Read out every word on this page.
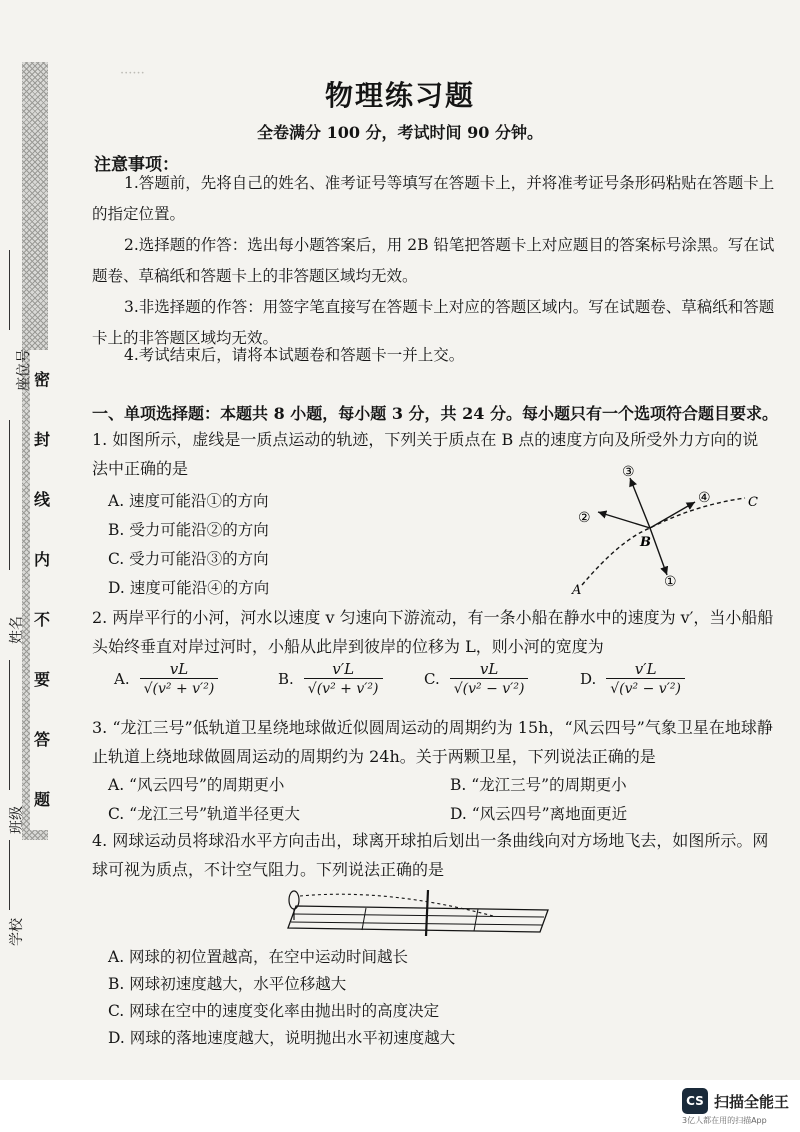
······
密
封
线
内
不
要
答
题
座位号
姓名
班级
学校
物理练习题
全卷满分 100 分，考试时间 90 分钟。
注意事项：
1.答题前，先将自己的姓名、准考证号等填写在答题卡上，并将准考证号条形码粘贴在答题卡上的指定位置。
2.选择题的作答：选出每小题答案后，用 2B 铅笔把答题卡上对应题目的答案标号涂黑。写在试题卷、草稿纸和答题卡上的非答题区域均无效。
3.非选择题的作答：用签字笔直接写在答题卡上对应的答题区域内。写在试题卷、草稿纸和答题卡上的非答题区域均无效。
4.考试结束后，请将本试题卷和答题卡一并上交。
一、单项选择题：本题共 8 小题，每小题 3 分，共 24 分。每小题只有一个选项符合题目要求。
1. 如图所示，虚线是一质点运动的轨迹，下列关于质点在 B 点的速度方向及所受外力方向的说法中正确的是
A. 速度可能沿①的方向
B. 受力可能沿②的方向
C. 受力可能沿③的方向
D. 速度可能沿④的方向
③
④
②
①
B
A
C
2. 两岸平行的小河，河水以速度 v 匀速向下游流动，有一条小船在静水中的速度为 v′，当小船船头始终垂直对岸过河时，小船从此岸到彼岸的位移为 L，则小河的宽度为
A. $\frac{vL}{\text{√(v² + v′²)}}$	B. $\frac{v'L}{\text{√(v² + v′²)}}$	C. $\frac{vL}{\text{√(v² − v′²)}}$	D. $\frac{v'L}{\text{√(v² − v′²)}}$
3. “龙江三号”低轨道卫星绕地球做近似圆周运动的周期约为 15h，“风云四号”气象卫星在地球静止轨道上绕地球做圆周运动的周期约为 24h。关于两颗卫星，下列说法正确的是
A. “风云四号”的周期更小	B. “龙江三号”的周期更小
C. “龙江三号”轨道半径更大	D. “风云四号”离地面更近
4. 网球运动员将球沿水平方向击出，球离开球拍后划出一条曲线向对方场地飞去，如图所示。网球可视为质点，不计空气阻力。下列说法正确的是
A. 网球的初位置越高，在空中运动时间越长
B. 网球初速度越大，水平位移越大
C. 网球在空中的速度变化率由抛出时的高度决定
D. 网球的落地速度越大，说明抛出水平初速度越大
CS 扫描全能王
3亿人都在用的扫描App
